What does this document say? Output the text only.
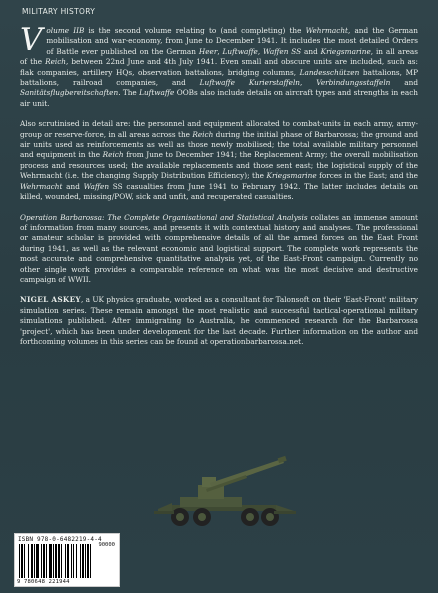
MILITARY HISTORY

V olume IIB is the second volume relating to (and completing) the Wehrmacht, and the German mobilisation and war-economy, from June to December 1941. It includes the most detailed Orders of Battle ever published on the German Heer, Luftwaffe, Waffen SS and Kriegsmarine, in all areas of the Reich, between 22nd June and 4th July 1941. Even small and obscure units are included, such as: flak companies, artillery HQs, observation battalions, bridging columns, Landesschützen battalions, MP battalions, railroad companies, and Luftwaffe Kurierstaffeln, Verbindungsstaffeln and Sanitätsflugbereitschaften. The Luftwaffe OOBs also include details on aircraft types and strengths in each air unit.

Also scrutinised in detail are: the personnel and equipment allocated to combat-units in each army, army-group or reserve-force, in all areas across the Reich during the initial phase of Barbarossa; the ground and air units used as reinforcements as well as those newly mobilised; the total available military personnel and equipment in the Reich from June to December 1941; the Replacement Army; the overall mobilisation process and resources used; the available replacements and those sent east; the logistical supply of the Wehrmacht (i.e. the changing Supply Distribution Efficiency); the Kriegsmarine forces in the East; and the Wehrmacht and Waffen SS casualties from June 1941 to February 1942. The latter includes details on killed, wounded, missing/POW, sick and unfit, and recuperated casualties.

Operation Barbarossa: The Complete Organisational and Statistical Analysis collates an immense amount of information from many sources, and presents it with contextual history and analyses. The professional or amateur scholar is provided with comprehensive details of all the armed forces on the East Front during 1941, as well as the relevant economic and logistical support. The complete work represents the most accurate and comprehensive quantitative analysis yet, of the East-Front campaign. Currently no other single work provides a comparable reference on what was the most decisive and destructive campaign of WWII.

NIGEL ASKEY, a UK physics graduate, worked as a consultant for Talonsoft on their 'East-Front' military simulation series. These remain amongst the most realistic and successful tactical-operational military simulations published. After immigrating to Australia, he commenced research for the Barbarossa 'project', which has been under development for the last decade. Further information on the author and forthcoming volumes in this series can be found at operationbarbarossa.net.

ISBN 978-0-6482219-4-4
90000
9 780648 221944
